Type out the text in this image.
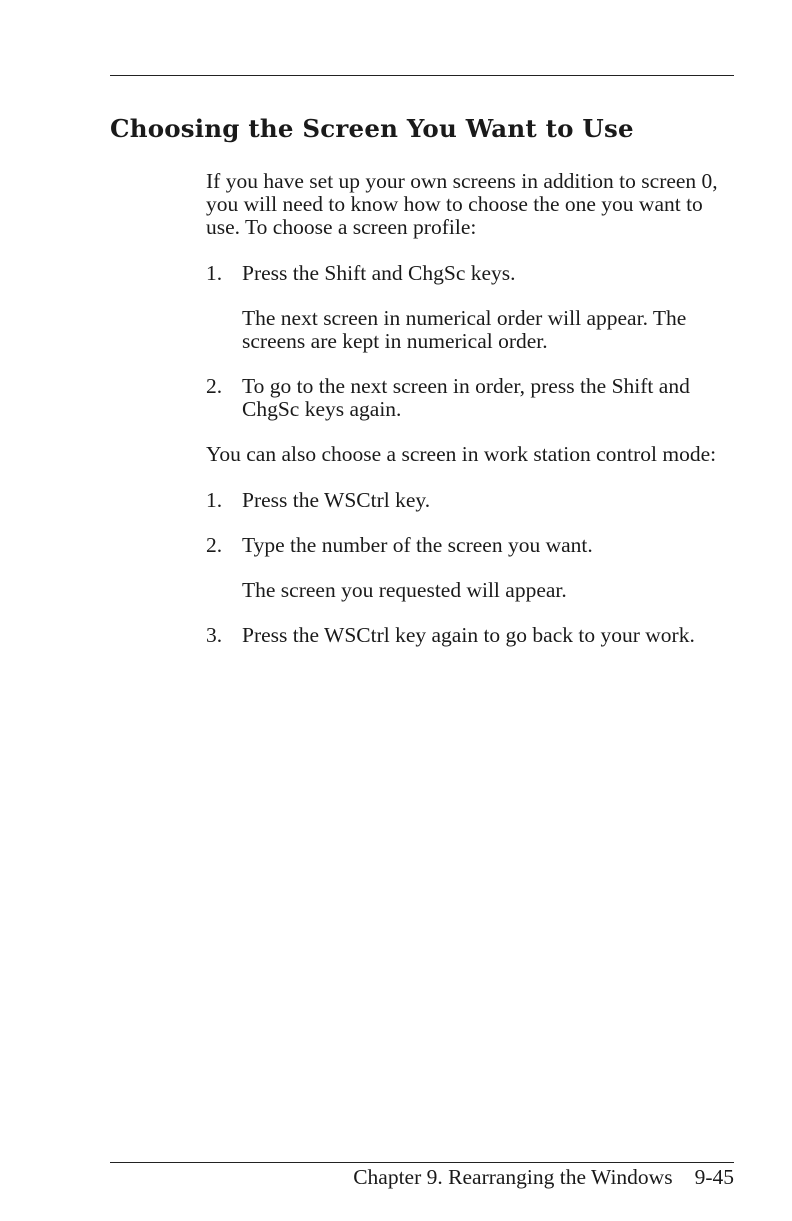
Choosing the Screen You Want to Use

If you have set up your own screens in addition to screen 0, you will need to know how to choose the one you want to use. To choose a screen profile:

1. Press the Shift and ChgSc keys.

The next screen in numerical order will appear. The screens are kept in numerical order.

2. To go to the next screen in order, press the Shift and ChgSc keys again.

You can also choose a screen in work station control mode:

1. Press the WSCtrl key.

2. Type the number of the screen you want.

The screen you requested will appear.

3. Press the WSCtrl key again to go back to your work.

Chapter 9. Rearranging the Windows 9-45
